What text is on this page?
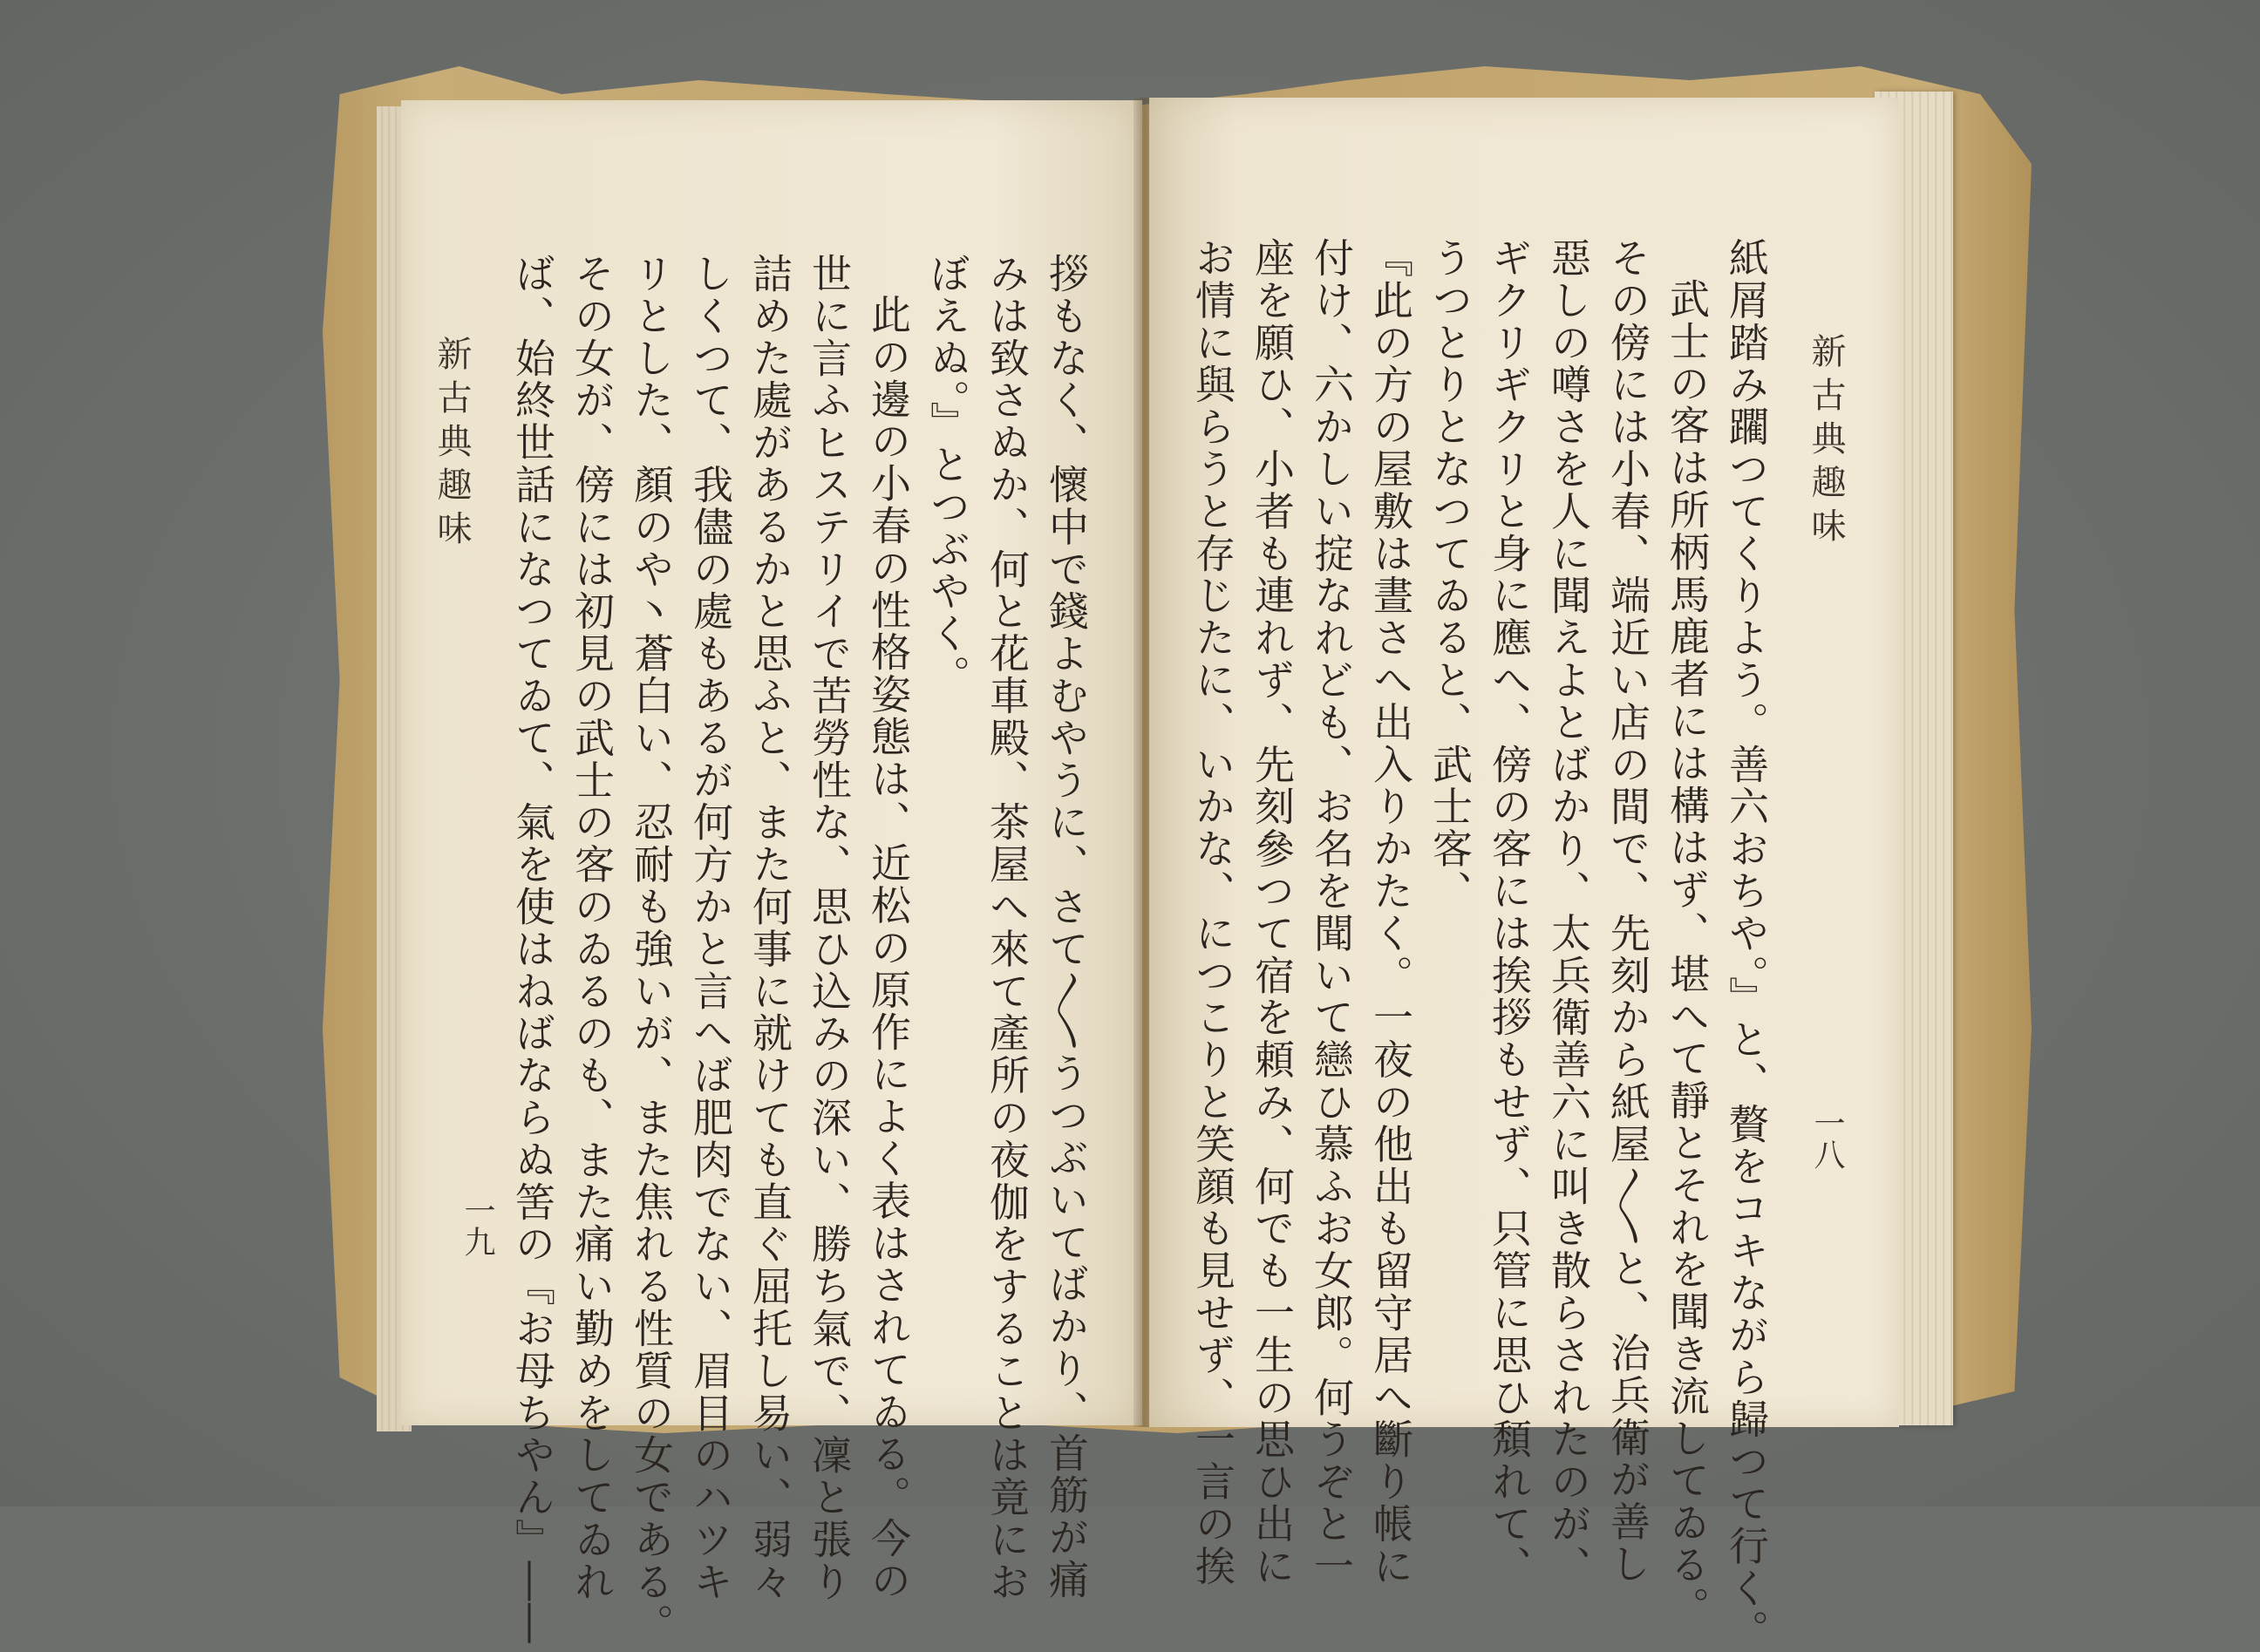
新古典趣味
一九	拶もなく、懷中で錢よむやうに、さて〳〵うつぶいてばかり、首筋が痛
みは致さぬか、何と花車殿、茶屋へ來て產所の夜伽をすることは竟にお
ぼえぬ。』とつぶやく。
此の邊の小春の性格姿態は、近松の原作によく表はされてゐる。今の
世に言ふヒステリイで苦勞性な、思ひ込みの深い、勝ち氣で、凜と張り
詰めた處があるかと思ふと、また何事に就けても直ぐ屈托し易い、弱々
しくつて、我儘の處もあるが何方かと言へば肥肉でない、眉目のハツキ
リとした、顏のや丶蒼白い、忍耐も強いが、また焦れる性質の女である。
その女が、傍には初見の武士の客のゐるのも、また痛い勤めをしてゐれ
ば、始終世話になつてゐて、氣を使はねばならぬ筈の『お母ちやん』――	新古典趣味
一八
紙屑踏み躙つてくりよう。善六おちや。』と、贅をコキながら歸つて行く。
武士の客は所柄馬鹿者には構はず、堪へて靜とそれを聞き流してゐる。
その傍には小春、端近い店の間で、先刻から紙屋〳〵と、治兵衛が善し
惡しの噂さを人に聞えよとばかり、太兵衛善六に叫き散らされたのが、
ギクリギクリと身に應へ、傍の客には挨拶もせず、只管に思ひ頽れて、
うつとりとなつてゐると、武士客、
『此の方の屋敷は晝さへ出入りかたく。一夜の他出も留守居へ斷り帳に
付け、六かしい掟なれども、お名を聞いて戀ひ慕ふお女郎。何うぞと一
座を願ひ、小者も連れず、先刻參つて宿を頼み、何でも一生の思ひ出に
お情に與らうと存じたに、いかな、につこりと笑顔も見せず、一言の挨
